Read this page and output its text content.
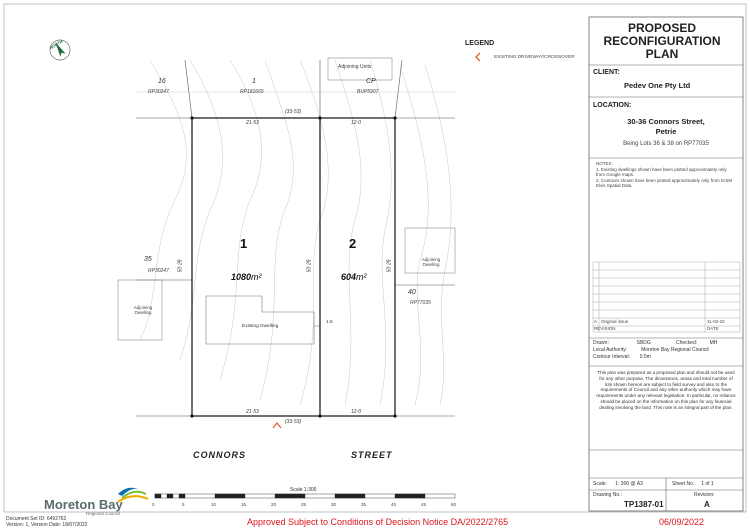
PROPOSED RECONFIGURATION PLAN
CLIENT:
Pedev One Pty Ltd
LOCATION:
30-36 Connors Street,
Petrie
Being Lots 36 & 38 on RP77035
NOTES:
1. Existing dwellings shown have been plotted approximately only from Google maps.
2. Contours shown have been plotted approximately only from ICSM Elvis Spatial Data.
A Original issue	11-02-22
REVISION	DATE
Drawn:	SBDG
Local Authority:	Moreton Bay Regional Council
Contour Interval: 0.5m
Checked:	MH
This plan was prepared as a proposed plan and should not be used for any other purpose. The dimensions, areas and total number of lots shown hereon are subject to field survey and also to the requirements of Council and any other authority which may have requirements under any relevant legislation. In particular, no reliance should be placed on the information on this plan for any financial dealing involving the land. This note is an integral part of the plan.
Scale: 1: 300 @ A3	Sheet No.: 1 of 1
Drawing No.:
TP1387-01
Revision:
A
LEGEND
EXISTING DRIVEWAY/CROSSOVER
NORTH
16
RP30247
1
RP181665
Adjoining Units
CP
BUP5907
35
RP30247
40
RP77035
Adjoining Dwelling
Adjoining Dwelling
1
1080m²
2
604m²
Existing Dwelling
1.5
21·53	12·0
(33·53)
21·53	12·0
(33·53)
50·29	50·29	50·29
CONNORS	STREET
Scale 1:300
0	5	10	15	20	25	30	35	40	45	50
Moreton Bay
Regional Council
Document Set ID: 6492762
Version: 1, Version Date: 18/07/2022	Approved Subject to Conditions of Decision Notice DA/2022/2765	06/09/2022
